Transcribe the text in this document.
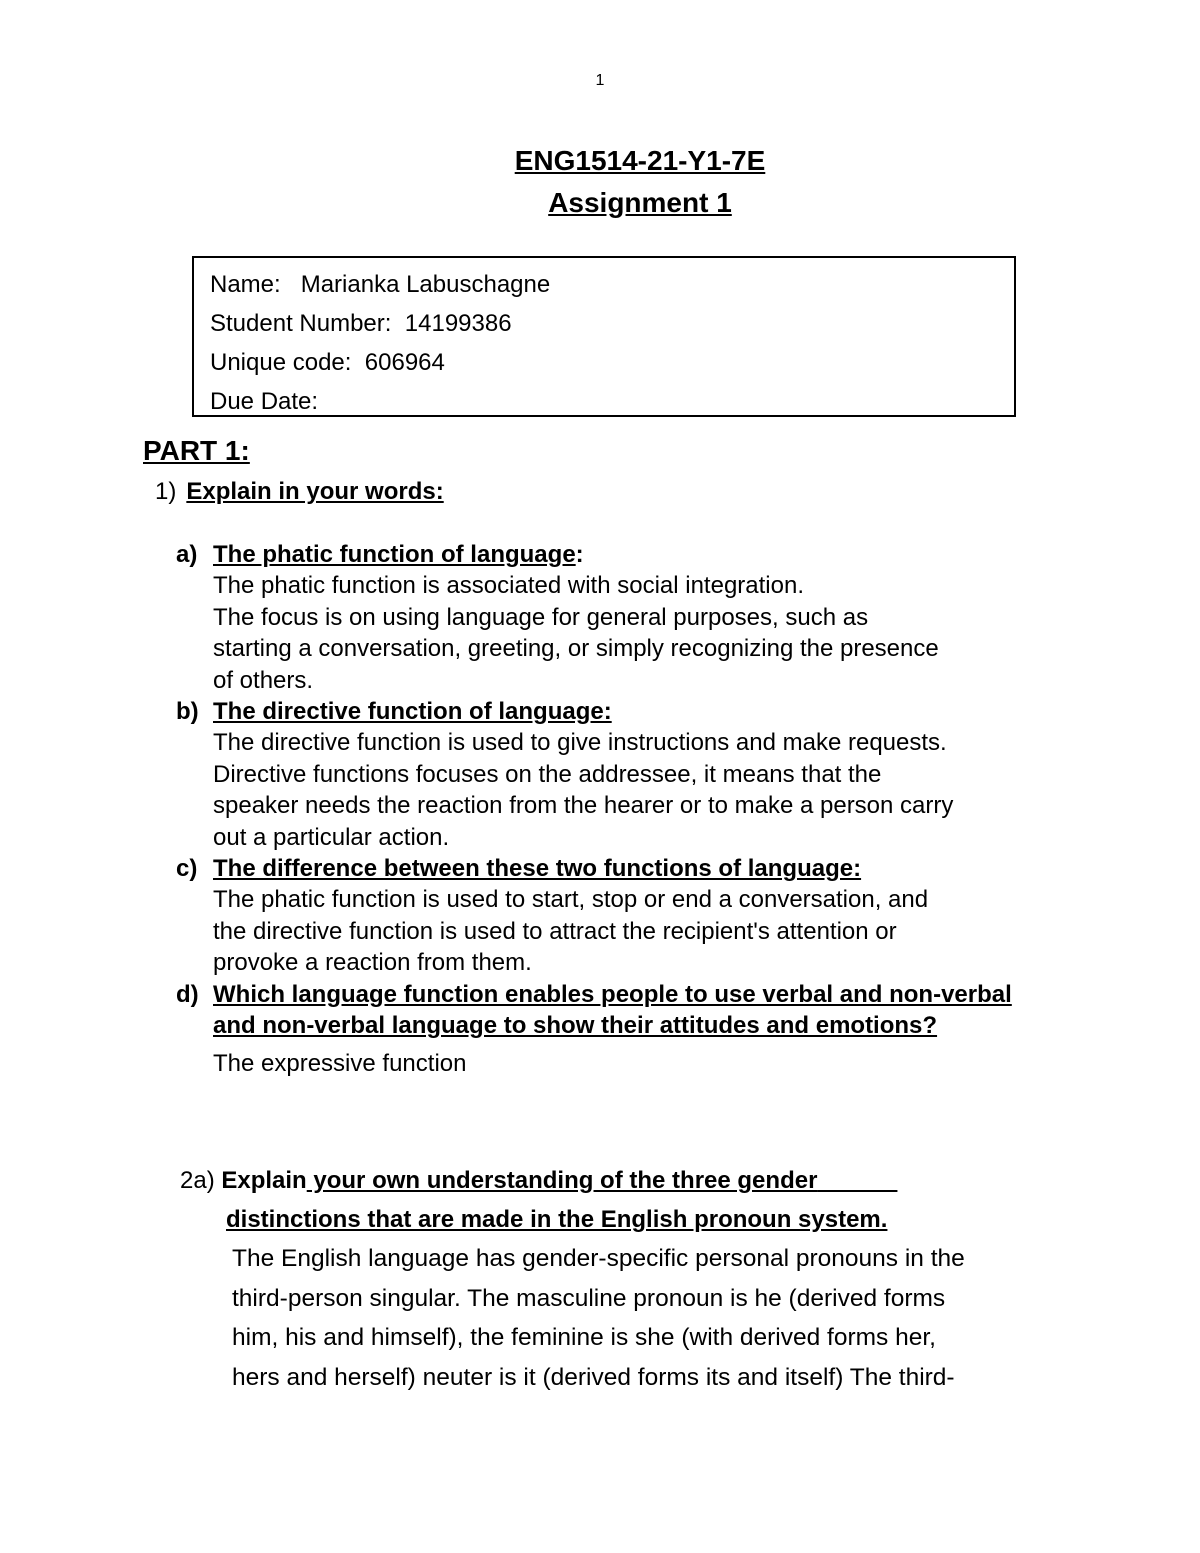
1
ENG1514-21-Y1-7E
Assignment 1
Name: Marianka Labuschagne
Student Number: 14199386
Unique code: 606964
Due Date:
PART 1:
1) Explain in your words:
a) The phatic function of language:
The phatic function is associated with social integration.
The focus is on using language for general purposes, such as
starting a conversation, greeting, or simply recognizing the presence
of others.
b) The directive function of language:
The directive function is used to give instructions and make requests.
Directive functions focuses on the addressee, it means that the
speaker needs the reaction from the hearer or to make a person carry
out a particular action.
c) The difference between these two functions of language:
The phatic function is used to start, stop or end a conversation, and
the directive function is used to attract the recipient's attention or
provoke a reaction from them.
d) Which language function enables people to use verbal and non-verbal and non-verbal language to show their attitudes and emotions?
The expressive function
2a) Explain your own understanding of the three gender
distinctions that are made in the English pronoun system.
The English language has gender-specific personal pronouns in the
third-person singular. The masculine pronoun is he (derived forms
him, his and himself), the feminine is she (with derived forms her,
hers and herself) neuter is it (derived forms its and itself) The third-
